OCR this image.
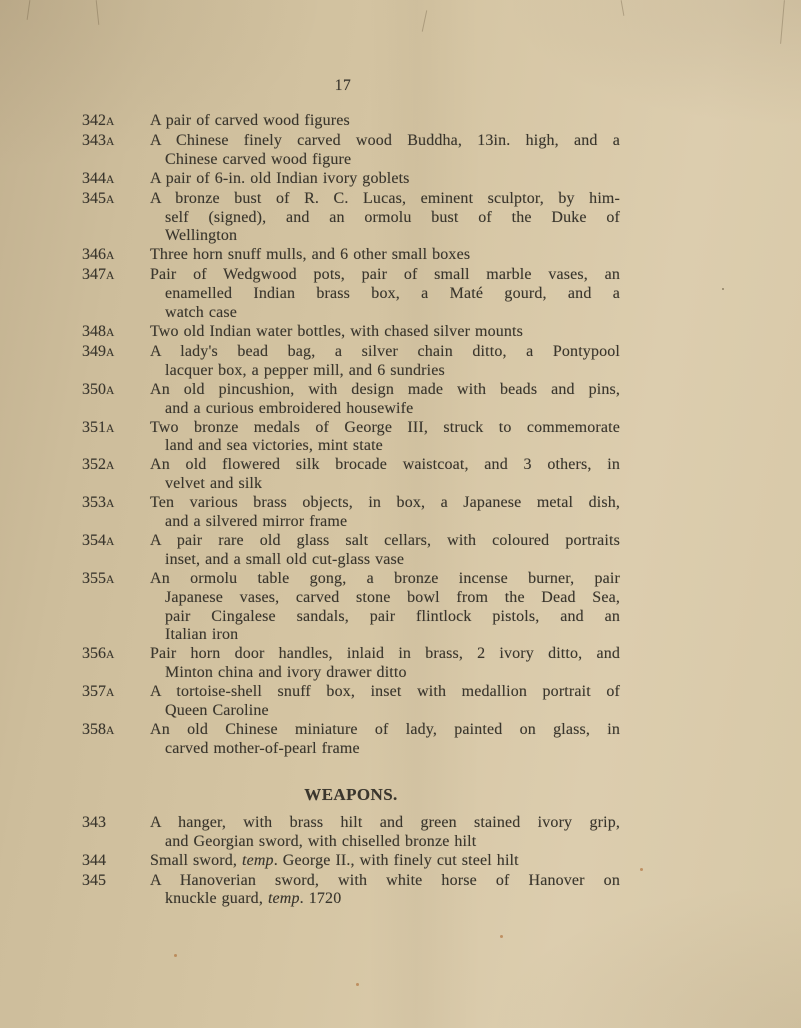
17
342A	A pair of carved wood figures
343A	A Chinese finely carved wood Buddha, 13in. high, and a
Chinese carved wood figure
344A	A pair of 6-in. old Indian ivory goblets
345A	A bronze bust of R. C. Lucas, eminent sculptor, by him-
self (signed), and an ormolu bust of the Duke of
Wellington
346A	Three horn snuff mulls, and 6 other small boxes
347A	Pair of Wedgwood pots, pair of small marble vases, an
enamelled Indian brass box, a Maté gourd, and a
watch case
348A	Two old Indian water bottles, with chased silver mounts
349A	A lady's bead bag, a silver chain ditto, a Pontypool
lacquer box, a pepper mill, and 6 sundries
350A	An old pincushion, with design made with beads and pins,
and a curious embroidered housewife
351A	Two bronze medals of George III, struck to commemorate
land and sea victories, mint state
352A	An old flowered silk brocade waistcoat, and 3 others, in
velvet and silk
353A	Ten various brass objects, in box, a Japanese metal dish,
and a silvered mirror frame
354A	A pair rare old glass salt cellars, with coloured portraits
inset, and a small old cut-glass vase
355A	An ormolu table gong, a bronze incense burner, pair
Japanese vases, carved stone bowl from the Dead Sea,
pair Cingalese sandals, pair flintlock pistols, and an
Italian iron
356A	Pair horn door handles, inlaid in brass, 2 ivory ditto, and
Minton china and ivory drawer ditto
357A	A tortoise-shell snuff box, inset with medallion portrait of
Queen Caroline
358A	An old Chinese miniature of lady, painted on glass, in
carved mother-of-pearl frame
WEAPONS.
343	A hanger, with brass hilt and green stained ivory grip,
and Georgian sword, with chiselled bronze hilt
344	Small sword, temp. George II., with finely cut steel hilt
345	A Hanoverian sword, with white horse of Hanover on
knuckle guard, temp. 1720
